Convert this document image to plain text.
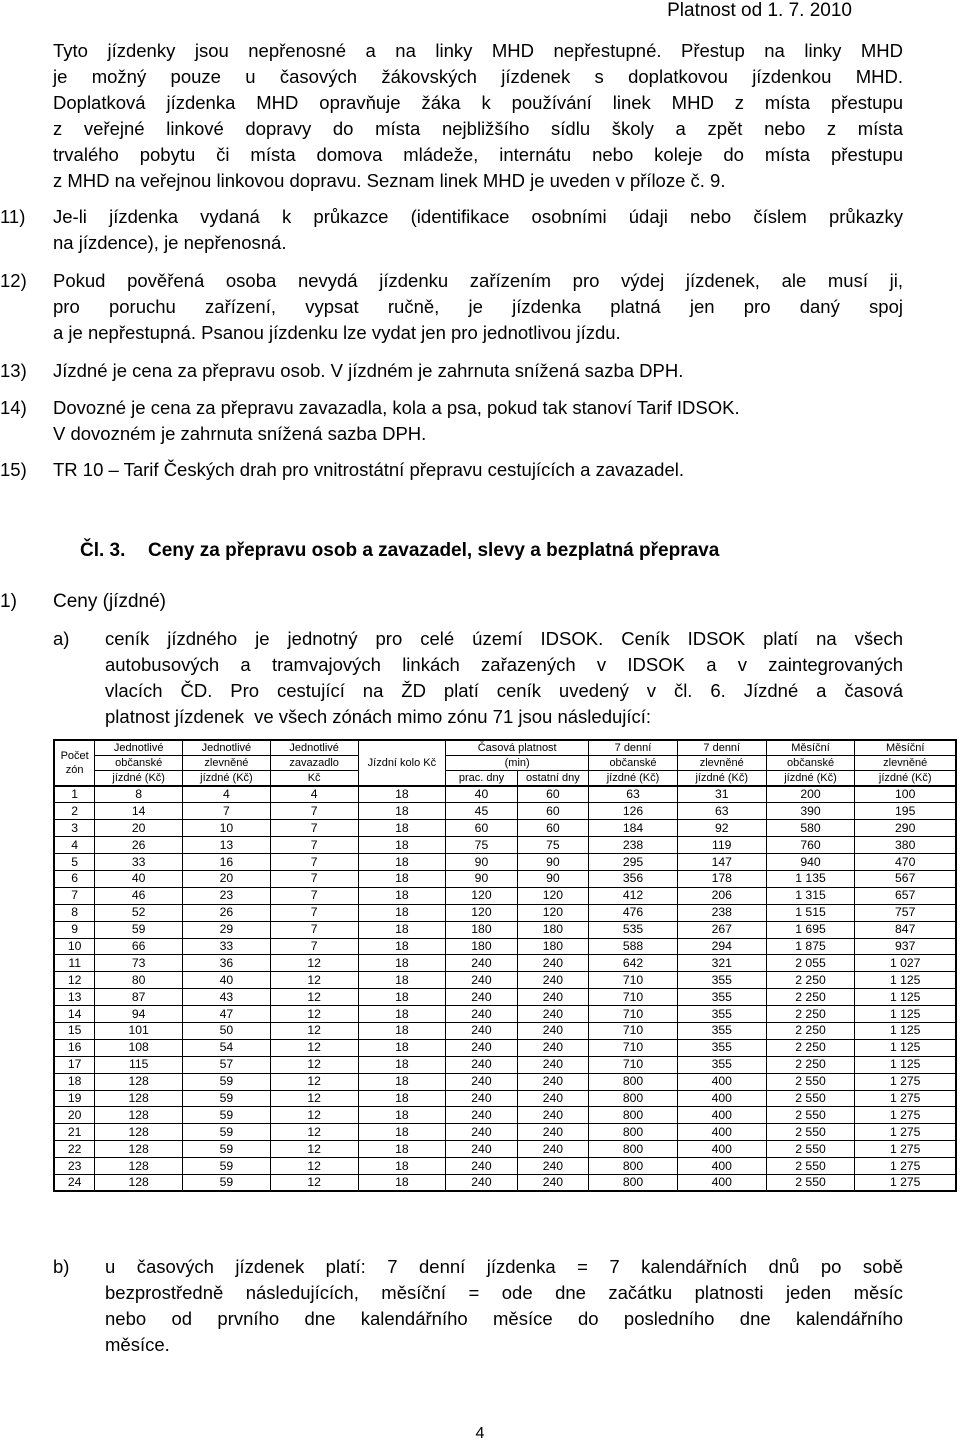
Platnost od 1. 7. 2010
Tyto jízdenky jsou nepřenosné a na linky MHD nepřestupné. Přestup na linky MHD
je možný pouze u časových žákovských jízdenek s doplatkovou jízdenkou MHD.
Doplatková jízdenka MHD opravňuje žáka k používání linek MHD z místa přestupu
z veřejné linkové dopravy do místa nejbližšího sídlu školy a zpět nebo z místa
trvalého pobytu či místa domova mládeže, internátu nebo koleje do místa přestupu
z MHD na veřejnou linkovou dopravu. Seznam linek MHD je uveden v příloze č. 9.
11) Je-li jízdenka vydaná k průkazce (identifikace osobními údaji nebo číslem průkazky
na jízdence), je nepřenosná.
12) Pokud pověřená osoba nevydá jízdenku zařízením pro výdej jízdenek, ale musí ji,
pro poruchu zařízení, vypsat ručně, je jízdenka platná jen pro daný spoj
a je nepřestupná. Psanou jízdenku lze vydat jen pro jednotlivou jízdu.
13) Jízdné je cena za přepravu osob. V jízdném je zahrnuta snížená sazba DPH.
14) Dovozné je cena za přepravu zavazadla, kola a psa, pokud tak stanoví Tarif IDSOK.
V dovozném je zahrnuta snížená sazba DPH.
15) TR 10 – Tarif Českých drah pro vnitrostátní přepravu cestujících a zavazadel.
Čl. 3. Ceny za přepravu osob a zavazadel, slevy a bezplatná přeprava
1) Ceny (jízdné)
a) ceník jízdného je jednotný pro celé území IDSOK. Ceník IDSOK platí na všech
autobusových a tramvajových linkách zařazených v IDSOK a v zaintegrovaných
vlacích ČD. Pro cestující na ŽD platí ceník uvedený v čl. 6. Jízdné a časová
platnost jízdenek  ve všech zónách mimo zónu 71 jsou následující:
Počet zón	Jednotlivé	Jednotlivé	Jednotlivé	Jízdní kolo Kč	Časová platnost		7 denní	7 denní	Měsíční	Měsíční
	občanské	zlevněné	zavazadlo		(min)		občanské	zlevněné	občanské	zlevněné
	jízdné (Kč)	jízdné (Kč)	Kč		prac. dny	ostatní dny	jízdné (Kč)	jízdné (Kč)	jízdné (Kč)	jízdné (Kč)
1	8	4	4	18	40	60	63	31	200	100
2	14	7	7	18	45	60	126	63	390	195
3	20	10	7	18	60	60	184	92	580	290
4	26	13	7	18	75	75	238	119	760	380
5	33	16	7	18	90	90	295	147	940	470
6	40	20	7	18	90	90	356	178	1 135	567
7	46	23	7	18	120	120	412	206	1 315	657
8	52	26	7	18	120	120	476	238	1 515	757
9	59	29	7	18	180	180	535	267	1 695	847
10	66	33	7	18	180	180	588	294	1 875	937
11	73	36	12	18	240	240	642	321	2 055	1 027
12	80	40	12	18	240	240	710	355	2 250	1 125
13	87	43	12	18	240	240	710	355	2 250	1 125
14	94	47	12	18	240	240	710	355	2 250	1 125
15	101	50	12	18	240	240	710	355	2 250	1 125
16	108	54	12	18	240	240	710	355	2 250	1 125
17	115	57	12	18	240	240	710	355	2 250	1 125
18	128	59	12	18	240	240	800	400	2 550	1 275
19	128	59	12	18	240	240	800	400	2 550	1 275
20	128	59	12	18	240	240	800	400	2 550	1 275
21	128	59	12	18	240	240	800	400	2 550	1 275
22	128	59	12	18	240	240	800	400	2 550	1 275
23	128	59	12	18	240	240	800	400	2 550	1 275
24	128	59	12	18	240	240	800	400	2 550	1 275
b) u časových jízdenek platí: 7 denní jízdenka = 7 kalendářních dnů po sobě
bezprostředně následujících, měsíční = ode dne začátku platnosti jeden měsíc
nebo od prvního dne kalendářního měsíce do posledního dne kalendářního
měsíce.
4
